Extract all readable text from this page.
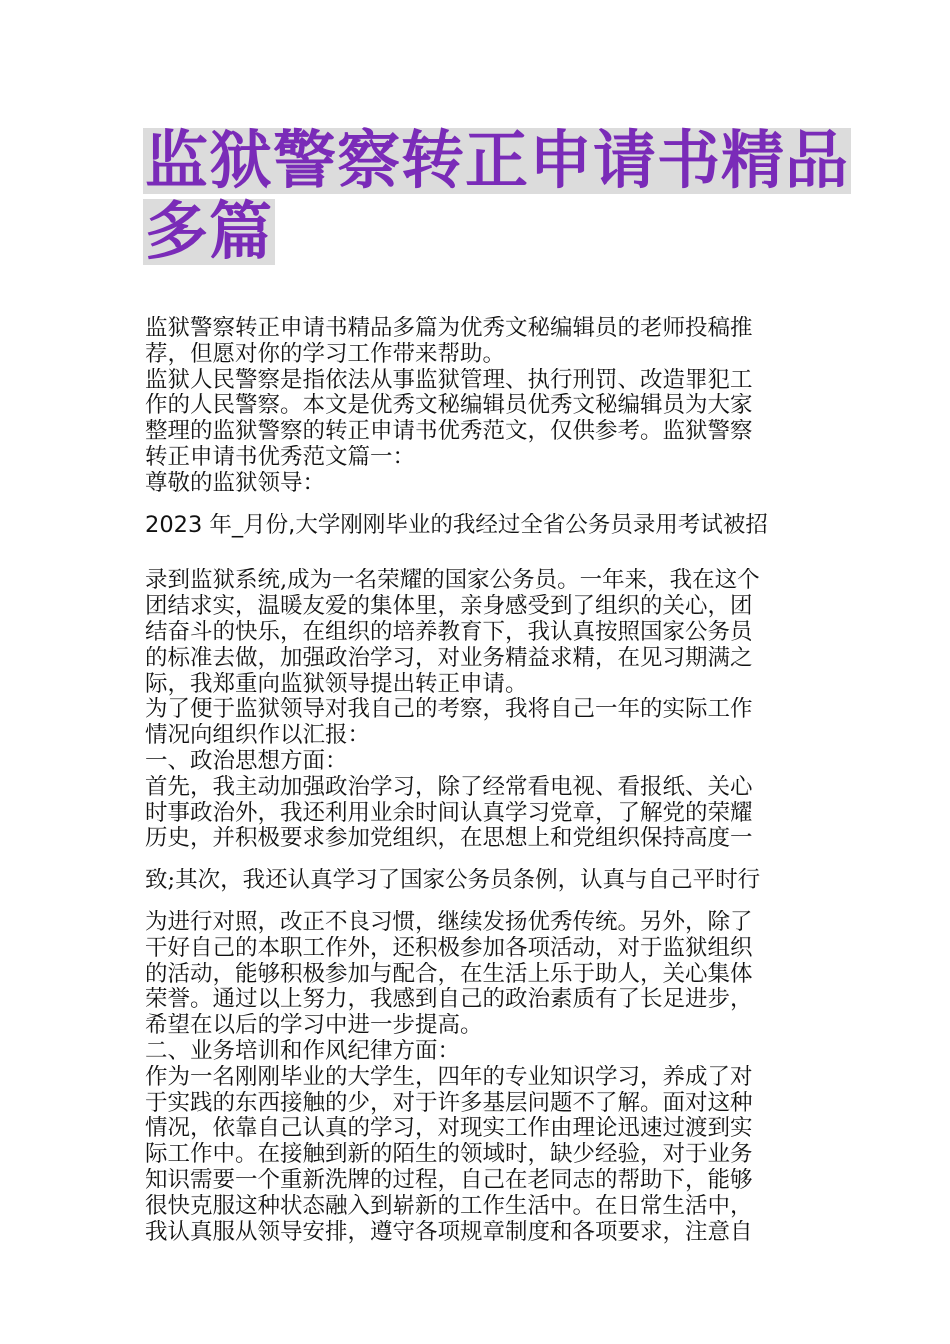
监狱警察转正申请书精品
多篇
监狱警察转正申请书精品多篇为优秀文秘编辑员的老师投稿推
荐，但愿对你的学习工作带来帮助。
监狱人民警察是指依法从事监狱管理、执行刑罚、改造罪犯工
作的人民警察。本文是优秀文秘编辑员优秀文秘编辑员为大家
整理的监狱警察的转正申请书优秀范文，仅供参考。监狱警察
转正申请书优秀范文篇一：
尊敬的监狱领导：
2023 年_月份,大学刚刚毕业的我经过全省公务员录用考试被招
录到监狱系统,成为一名荣耀的国家公务员。一年来，我在这个
团结求实，温暖友爱的集体里，亲身感受到了组织的关心，团
结奋斗的快乐，在组织的培养教育下，我认真按照国家公务员
的标准去做，加强政治学习，对业务精益求精，在见习期满之
际，我郑重向监狱领导提出转正申请。
为了便于监狱领导对我自己的考察，我将自己一年的实际工作
情况向组织作以汇报：
一、政治思想方面：
首先，我主动加强政治学习，除了经常看电视、看报纸、关心
时事政治外，我还利用业余时间认真学习党章，了解党的荣耀
历史，并积极要求参加党组织，在思想上和党组织保持高度一
致;其次，我还认真学习了国家公务员条例，认真与自己平时行
为进行对照，改正不良习惯，继续发扬优秀传统。另外，除了
干好自己的本职工作外，还积极参加各项活动，对于监狱组织
的活动，能够积极参加与配合，在生活上乐于助人，关心集体
荣誉。通过以上努力，我感到自己的政治素质有了长足进步，
希望在以后的学习中进一步提高。
二、业务培训和作风纪律方面：
作为一名刚刚毕业的大学生，四年的专业知识学习，养成了对
于实践的东西接触的少，对于许多基层问题不了解。面对这种
情况，依靠自己认真的学习，对现实工作由理论迅速过渡到实
际工作中。在接触到新的陌生的领域时，缺少经验，对于业务
知识需要一个重新洗牌的过程，自己在老同志的帮助下，能够
很快克服这种状态融入到崭新的工作生活中。在日常生活中，
我认真服从领导安排，遵守各项规章制度和各项要求，注意自
